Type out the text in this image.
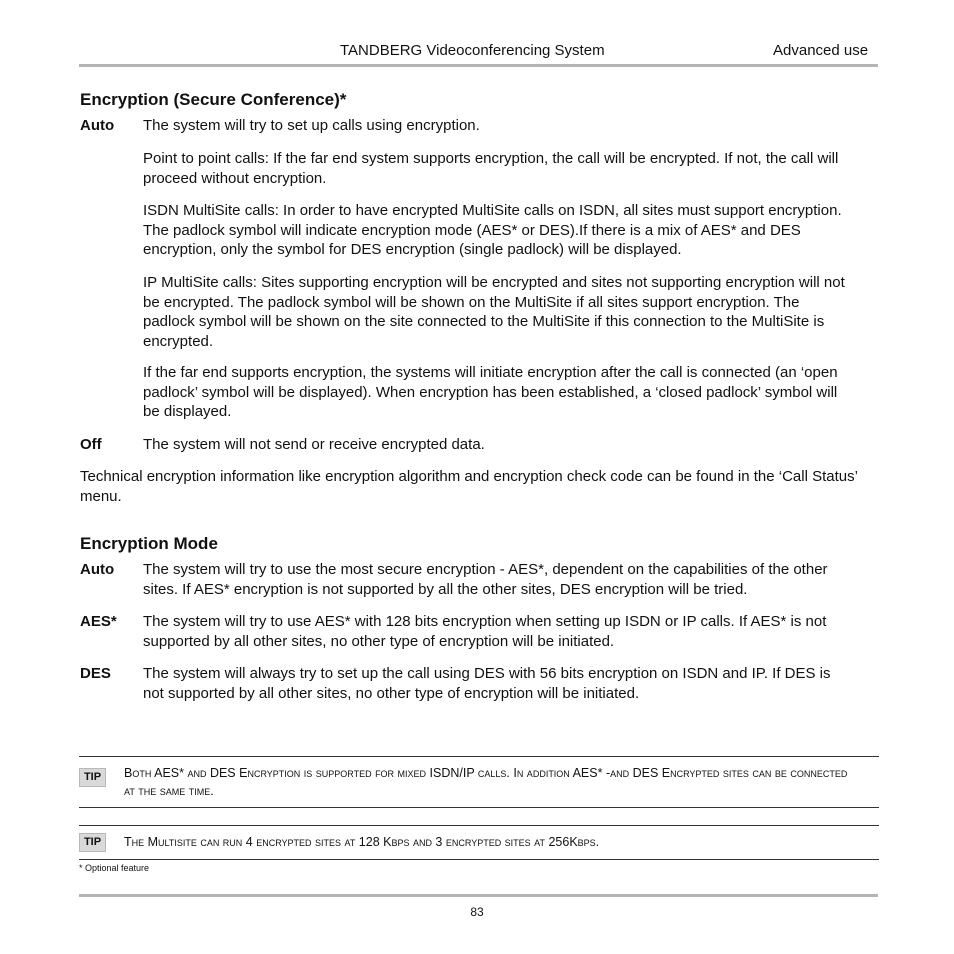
TANDBERG Videoconferencing System	Advanced use
Encryption (Secure Conference)*
Auto The system will try to set up calls using encryption.
Point to point calls: If the far end system supports encryption, the call will be encrypted. If not, the call will proceed without encryption.
ISDN MultiSite calls: In order to have encrypted MultiSite calls on ISDN, all sites must support encryption. The padlock symbol will indicate encryption mode (AES* or DES).If there is a mix of AES* and DES encryption, only the symbol for DES encryption (single padlock) will be displayed.
IP MultiSite calls: Sites supporting encryption will be encrypted and sites not supporting encryption will not be encrypted. The padlock symbol will be shown on the MultiSite if all sites support encryption. The padlock symbol will be shown on the site connected to the MultiSite if this connection to the MultiSite is encrypted.
If the far end supports encryption, the systems will initiate encryption after the call is connected (an ‘open padlock’ symbol will be displayed). When encryption has been established, a ‘closed padlock’ symbol will be displayed.
Off	The system will not send or receive encrypted data.
Technical encryption information like encryption algorithm and encryption check code can be found in the ‘Call Status’ menu.
Encryption Mode
Auto The system will try to use the most secure encryption - AES*, dependent on the capabilities of the other sites. If AES* encryption is not supported by all the other sites, DES encryption will be tried.
AES* The system will try to use AES* with 128 bits encryption when setting up ISDN or IP calls. If AES* is not supported by all other sites, no other type of encryption will be initiated.
DES The system will always try to set up the call using DES with 56 bits encryption on ISDN and IP. If DES is not supported by all other sites, no other type of encryption will be initiated.
TIP	Both AES* and DES Encryption is supported for mixed ISDN/IP calls. In addition AES* -and DES Encrypted sites can be connected at the same time.
TIP	The Multisite can run 4 encrypted sites at 128 Kbps and 3 encrypted sites at 256Kbps.
* Optional feature
83
